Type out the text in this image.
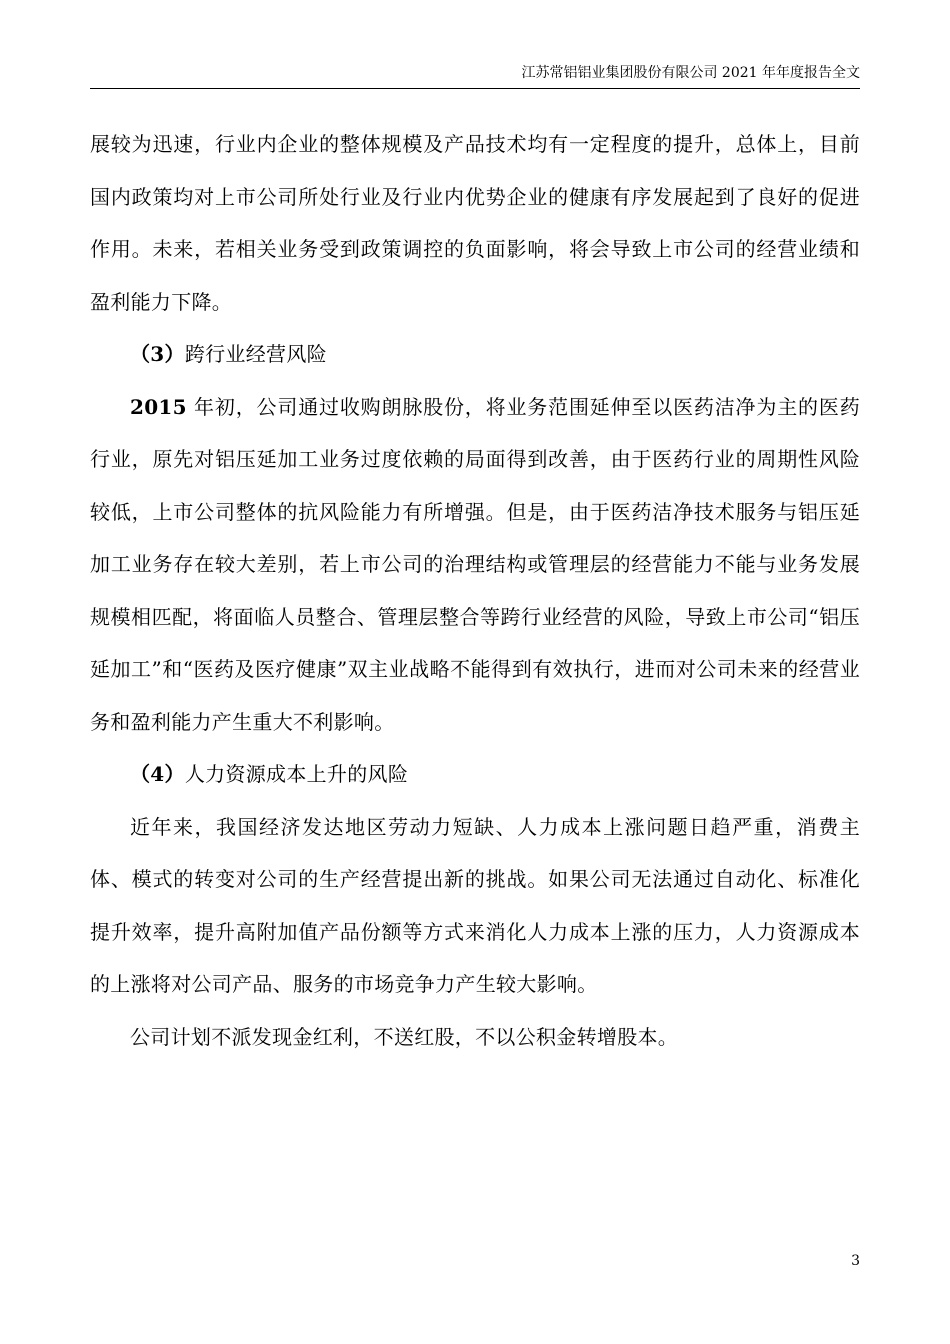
江苏常铝铝业集团股份有限公司 2021 年年度报告全文

展较为迅速，行业内企业的整体规模及产品技术均有一定程度的提升，总体上，目前国内政策均对上市公司所处行业及行业内优势企业的健康有序发展起到了良好的促进作用。未来，若相关业务受到政策调控的负面影响，将会导致上市公司的经营业绩和盈利能力下降。

（3）跨行业经营风险

2015 年初，公司通过收购朗脉股份，将业务范围延伸至以医药洁净为主的医药行业，原先对铝压延加工业务过度依赖的局面得到改善，由于医药行业的周期性风险较低，上市公司整体的抗风险能力有所增强。但是，由于医药洁净技术服务与铝压延加工业务存在较大差别，若上市公司的治理结构或管理层的经营能力不能与业务发展规模相匹配，将面临人员整合、管理层整合等跨行业经营的风险，导致上市公司“铝压延加工”和“医药及医疗健康”双主业战略不能得到有效执行，进而对公司未来的经营业务和盈利能力产生重大不利影响。

（4）人力资源成本上升的风险

近年来，我国经济发达地区劳动力短缺、人力成本上涨问题日趋严重，消费主体、模式的转变对公司的生产经营提出新的挑战。如果公司无法通过自动化、标准化提升效率，提升高附加值产品份额等方式来消化人力成本上涨的压力，人力资源成本的上涨将对公司产品、服务的市场竞争力产生较大影响。

公司计划不派发现金红利，不送红股，不以公积金转增股本。

3
